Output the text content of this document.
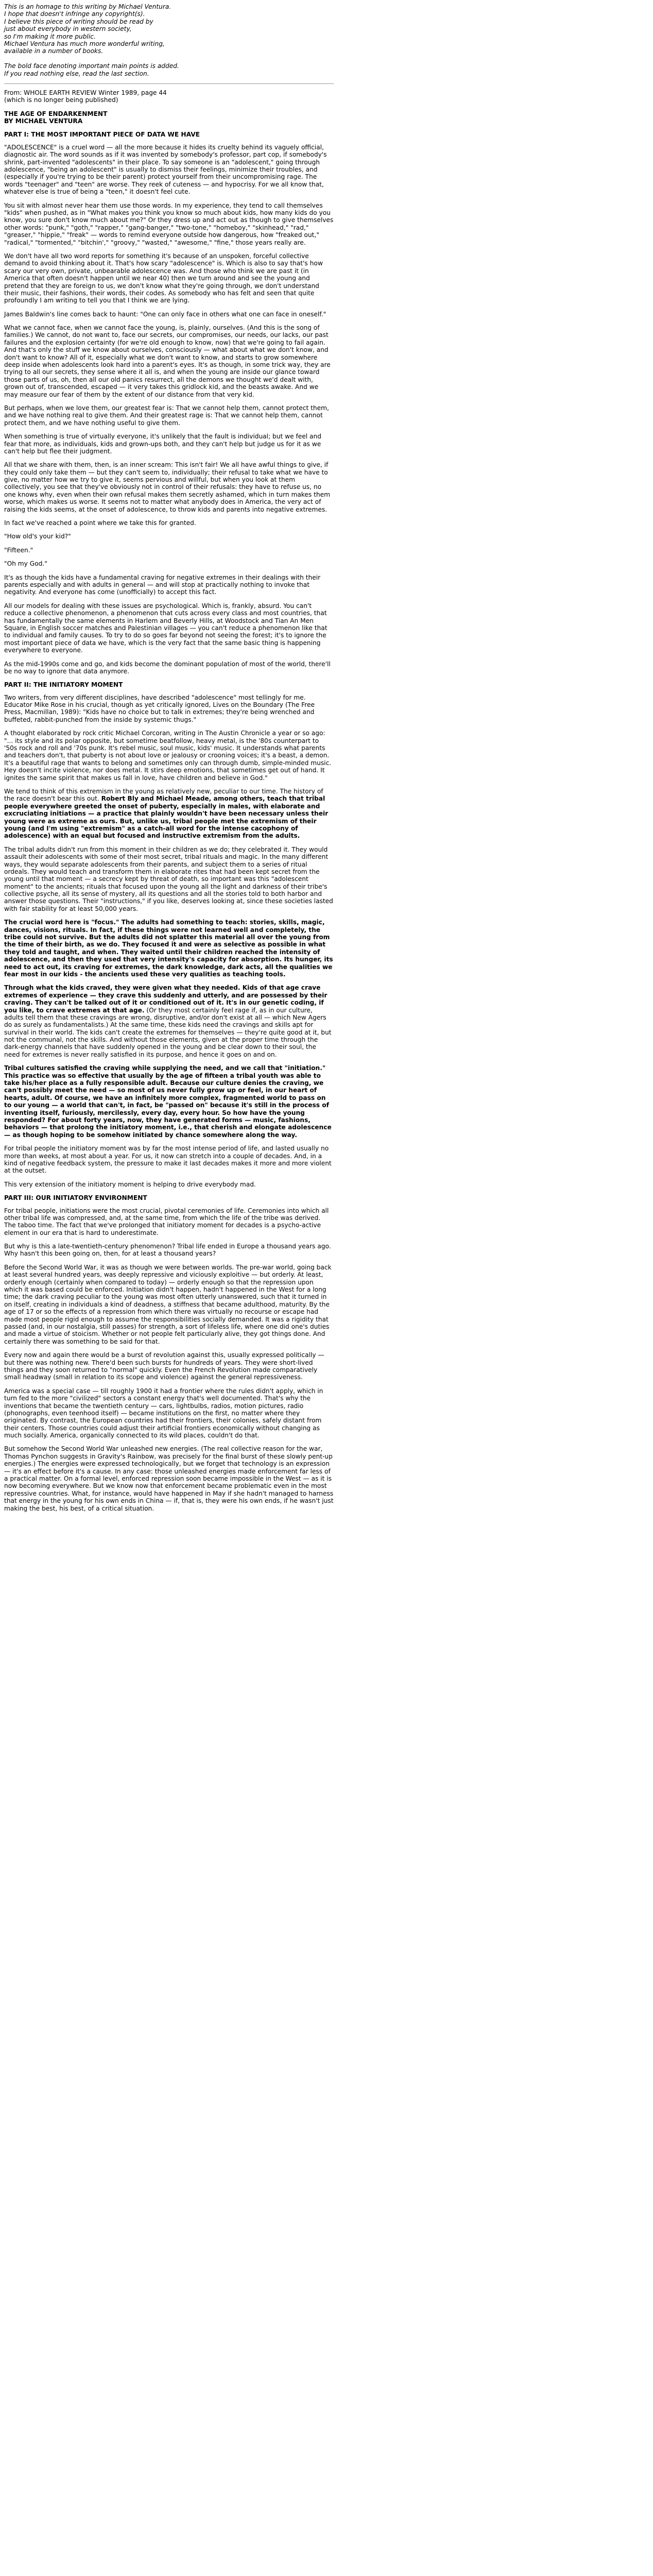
This is an homage to this writing by Michael Ventura.
I hope that doesn't infringe any copyright(s).
I believe this piece of writing should be read by
just about everybody in western society,
so I'm making it more public.
Michael Ventura has much more wonderful writing,
available in a number of books.

The bold face denoting important main points is added.
If you read nothing else, read the last section.
From: WHOLE EARTH REVIEW Winter 1989, page 44
(which is no longer being published)
THE AGE OF ENDARKENMENT
BY MICHAEL VENTURA
PART I: THE MOST IMPORTANT PIECE OF DATA WE HAVE

"ADOLESCENCE" is a cruel word — all the more because it hides its cruelty behind its vaguely official, diagnostic air. The word sounds as if it was invented by somebody's professor, part cop, if somebody's shrink, part-invented "adolescents" in their place. To say someone is an "adolescent," going through adolescence, "being an adolescent" is usually to dismiss their feelings, minimize their troubles, and (especially if you're trying to be their parent) protect yourself from their uncompromising rage. The words "teenager" and "teen" are worse. They reek of cuteness — and hypocrisy. For we all know that, whatever else is true of being a "teen," it doesn't feel cute.

You sit with almost never hear them use those words. In my experience, they tend to call themselves "kids" when pushed, as in "What makes you think you know so much about kids, how many kids do you know, you sure don't know much about me?" Or they dress up and act out as though to give themselves other words: "punk," "goth," "rapper," "gang-banger," "two-tone," "homeboy," "skinhead," "rad," "greaser," "hippie," "freak" — words to remind everyone outside how dangerous, how "freaked out," "radical," "tormented," "bitchin'," "groovy," "wasted," "awesome," "fine," those years really are.

We don't have all two word reports for something it's because of an unspoken, forceful collective demand to avoid thinking about it. That's how scary "adolescence" is. Which is also to say that's how scary our very own, private, unbearable adolescence was. And those who think we are past it (in America that often doesn't happen until we near 40) then we turn around and see the young and pretend that they are foreign to us, we don't know what they're going through, we don't understand their music, their fashions, their words, their codes. As somebody who has felt and seen that quite profoundly I am writing to tell you that I think we are lying.

James Baldwin's line comes back to haunt: "One can only face in others what one can face in oneself."

What we cannot face, when we cannot face the young, is, plainly, ourselves. (And this is the song of families.) We cannot, do not want to, face our secrets, our compromises, our needs, our lacks, our past failures and the explosion certainty (for we're old enough to know, now) that we're going to fail again. And that's only the stuff we know about ourselves, consciously — what about what we don't know, and don't want to know? All of it, especially what we don't want to know, and starts to grow somewhere deep inside when adolescents look hard into a parent's eyes. It's as though, in some trick way, they are trying to all our secrets, they sense where it all is, and when the young are inside our glance toward those parts of us, oh, then all our old panics resurrect, all the demons we thought we'd dealt with, grown out of, transcended, escaped — it very takes this gridlock kid, and the beasts awake. And we may measure our fear of them by the extent of our distance from that very kid.

But perhaps, when we love them, our greatest fear is: That we cannot help them, cannot protect them, and we have nothing real to give them. And their greatest rage is: That we cannot help them, cannot protect them, and we have nothing useful to give them.

When something is true of virtually everyone, it's unlikely that the fault is individual; but we feel and fear that more, as individuals, kids and grown-ups both, and they can't help but judge us for it as we can't help but flee their judgment.

All that we share with them, then, is an inner scream: This isn't fair! We all have awful things to give, if they could only take them — but they can't seem to, individually; their refusal to take what we have to give, no matter how we try to give it, seems pervious and willful, but when you look at them collectively, you see that they've obviously not in control of their refusals: they have to refuse us, no one knows why, even when their own refusal makes them secretly ashamed, which in turn makes them worse, which makes us worse. It seems not to matter what anybody does in America, the very act of raising the kids seems, at the onset of adolescence, to throw kids and parents into negative extremes.

In fact we've reached a point where we take this for granted.

"How old's your kid?"

"Fifteen."

"Oh my God."

It's as though the kids have a fundamental craving for negative extremes in their dealings with their parents especially and with adults in general — and will stop at practically nothing to invoke that negativity. And everyone has come (unofficially) to accept this fact.

All our models for dealing with these issues are psychological. Which is, frankly, absurd. You can't reduce a collective phenomenon, a phenomenon that cuts across every class and most countries, that has fundamentally the same elements in Harlem and Beverly Hills, at Woodstock and Tian An Men Square, in English soccer matches and Palestinian villages — you can't reduce a phenomenon like that to individual and family causes. To try to do so goes far beyond not seeing the forest; it's to ignore the most important piece of data we have, which is the very fact that the same basic thing is happening everywhere to everyone.

As the mid-1990s come and go, and kids become the dominant population of most of the world, there'll be no way to ignore that data anymore.

PART II: THE INITIATORY MOMENT

Two writers, from very different disciplines, have described "adolescence" most tellingly for me. Educator Mike Rose in his crucial, though as yet critically ignored, Lives on the Boundary (The Free Press, Macmillan, 1989): "Kids have no choice but to talk in extremes; they're being wrenched and buffeted, rabbit-punched from the inside by systemic thugs."

A thought elaborated by rock critic Michael Corcoran, writing in The Austin Chronicle a year or so ago: "... its style and its polar opposite, but sometime beatfollow, heavy metal, is the '80s counterpart to '50s rock and roll and '70s punk. It's rebel music, soul music, kids' music. It understands what parents and teachers don't, that puberty is not about love or jealousy or crooning voices; it's a beast, a demon. It's a beautiful rage that wants to belong and sometimes only can through dumb, simple-minded music. Hey doesn't incite violence, nor does metal. It stirs deep emotions, that sometimes get out of hand. It ignites the same spirit that makes us fall in love, have children and believe in God."

We tend to think of this extremism in the young as relatively new, peculiar to our time. The history of the race doesn't bear this out. Robert Bly and Michael Meade, among others, teach that tribal people everywhere greeted the onset of puberty, especially in males, with elaborate and excruciating initiations — a practice that plainly wouldn't have been necessary unless their young were as extreme as ours. But, unlike us, tribal people met the extremism of their young (and I'm using "extremism" as a catch-all word for the intense cacophony of adolescence) with an equal but focused and instructive extremism from the adults.

The tribal adults didn't run from this moment in their children as we do; they celebrated it. They would assault their adolescents with some of their most secret, tribal rituals and magic. In the many different ways, they would separate adolescents from their parents, and subject them to a series of ritual ordeals. They would teach and transform them in elaborate rites that had been kept secret from the young until that moment — a secrecy kept by threat of death, so important was this "adolescent moment" to the ancients; rituals that focused upon the young all the light and darkness of their tribe's collective psyche, all its sense of mystery, all its questions and all the stories told to both harbor and answer those questions. Their "instructions," if you like, deserves looking at, since these societies lasted with fair stability for at least 50,000 years.

The crucial word here is "focus." The adults had something to teach: stories, skills, magic, dances, visions, rituals. In fact, if these things were not learned well and completely, the tribe could not survive. But the adults did not splatter this material all over the young from the time of their birth, as we do. They focused it and were as selective as possible in what they told and taught, and when. They waited until their children reached the intensity of adolescence, and then they used that very intensity's capacity for absorption. Its hunger, its need to act out, its craving for extremes, the dark knowledge, dark acts, all the qualities we fear most in our kids - the ancients used these very qualities as teaching tools.

Through what the kids craved, they were given what they needed. Kids of that age crave extremes of experience — they crave this suddenly and utterly, and are possessed by their craving. They can't be talked out of it or conditioned out of it. It's in our genetic coding, if you like, to crave extremes at that age. (Or they most certainly feel rage if, as in our culture, adults tell them that these cravings are wrong, disruptive, and/or don't exist at all — which New Agers do as surely as fundamentalists.) At the same time, these kids need the cravings and skills apt for survival in their world. The kids can't create the extremes for themselves — they're quite good at it, but not the communal, not the skills. And without those elements, given at the proper time through the dark-energy channels that have suddenly opened in the young and be clear down to their soul, the need for extremes is never really satisfied in its purpose, and hence it goes on and on.

Tribal cultures satisfied the craving while supplying the need, and we call that "initiation." This practice was so effective that usually by the age of fifteen a tribal youth was able to take his/her place as a fully responsible adult. Because our culture denies the craving, we can't possibly meet the need — so most of us never fully grow up or feel, in our heart of hearts, adult. Of course, we have an infinitely more complex, fragmented world to pass on to our young — a world that can't, in fact, be "passed on" because it's still in the process of inventing itself, furiously, mercilessly, every day, every hour. So how have the young responded? For about forty years, now, they have generated forms — music, fashions, behaviors — that prolong the initiatory moment, i.e., that cherish and elongate adolescence — as though hoping to be somehow initiated by chance somewhere along the way.

For tribal people the initiatory moment was by far the most intense period of life, and lasted usually no more than weeks, at most about a year. For us, it now can stretch into a couple of decades. And, in a kind of negative feedback system, the pressure to make it last decades makes it more and more violent at the outset.

This very extension of the initiatory moment is helping to drive everybody mad.

PART III: OUR INITIATORY ENVIRONMENT

For tribal people, initiations were the most crucial, pivotal ceremonies of life. Ceremonies into which all other tribal life was compressed, and, at the same time, from which the life of the tribe was derived. The taboo time. The fact that we've prolonged that initiatory moment for decades is a psycho-active element in our era that is hard to underestimate.

But why is this a late-twentieth-century phenomenon? Tribal life ended in Europe a thousand years ago. Why hasn't this been going on, then, for at least a thousand years?

Before the Second World War, it was as though we were between worlds. The pre-war world, going back at least several hundred years, was deeply repressive and viciously exploitive — but orderly. At least, orderly enough (certainly when compared to today) — orderly enough so that the repression upon which it was based could be enforced. Initiation didn't happen, hadn't happened in the West for a long time; the dark craving peculiar to the young was most often utterly unanswered, such that it turned in on itself, creating in individuals a kind of deadness, a stiffness that became adulthood, maturity. By the age of 17 or so the effects of a repression from which there was virtually no recourse or escape had made most people rigid enough to assume the responsibilities socially demanded. It was a rigidity that passed (and, in our nostalgia, still passes) for strength, a sort of lifeless life, where one did one's duties and made a virtue of stoicism. Whether or not people felt particularly alive, they got things done. And certainly there was something to be said for that.

Every now and again there would be a burst of revolution against this, usually expressed politically — but there was nothing new. There'd been such bursts for hundreds of years. They were short-lived things and they soon returned to "normal" quickly. Even the French Revolution made comparatively small headway (small in relation to its scope and violence) against the general repressiveness.

America was a special case — till roughly 1900 it had a frontier where the rules didn't apply, which in turn fed to the more "civilized" sectors a constant energy that's well documented. That's why the inventions that became the twentieth century — cars, lightbulbs, radios, motion pictures, radio (phonographs, even teenhood itself) — became institutions on the first, no matter where they originated. By contrast, the European countries had their frontiers, their colonies, safely distant from their centers. Those countries could adjust their artificial frontiers economically without changing as much socially. America, organically connected to its wild places, couldn't do that.

But somehow the Second World War unleashed new energies. (The real collective reason for the war, Thomas Pynchon suggests in Gravity's Rainbow, was precisely for the final burst of these slowly pent-up energies.) The energies were expressed technologically, but we forget that technology is an expression — it's an effect before it's a cause. In any case: those unleashed energies made enforcement far less of a practical matter. On a formal level, enforced repression soon became impossible in the West — as it is now becoming everywhere. But we know now that enforcement became problematic even in the most repressive countries. What, for instance, would have happened in May if she hadn't managed to harness that energy in the young for his own ends in China — if, that is, they were his own ends, if he wasn't just making the best, his best, of a critical situation.
